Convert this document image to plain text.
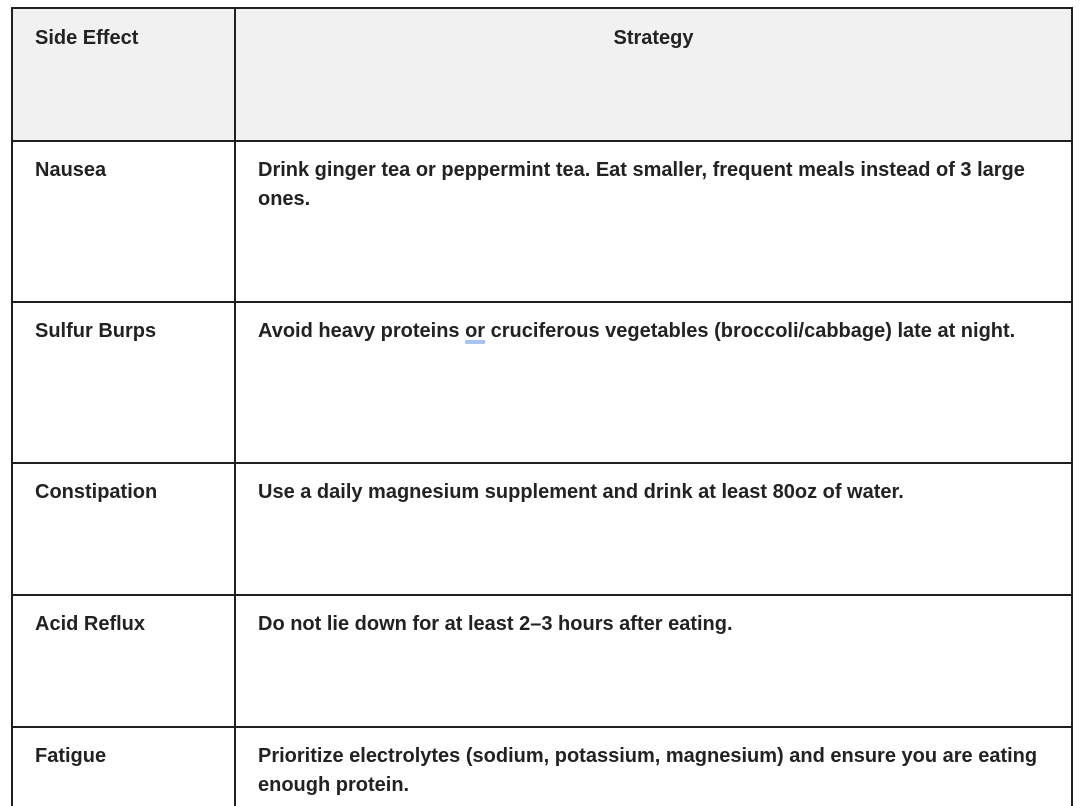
Side Effect	Strategy
Nausea	Drink ginger tea or peppermint tea. Eat smaller, frequent meals instead of 3 large ones.
Sulfur Burps	Avoid heavy proteins or cruciferous vegetables (broccoli/cabbage) late at night.
Constipation	Use a daily magnesium supplement and drink at least 80oz of water.
Acid Reflux	Do not lie down for at least 2–3 hours after eating.
Fatigue	Prioritize electrolytes (sodium, potassium, magnesium) and ensure you are eating enough protein.
